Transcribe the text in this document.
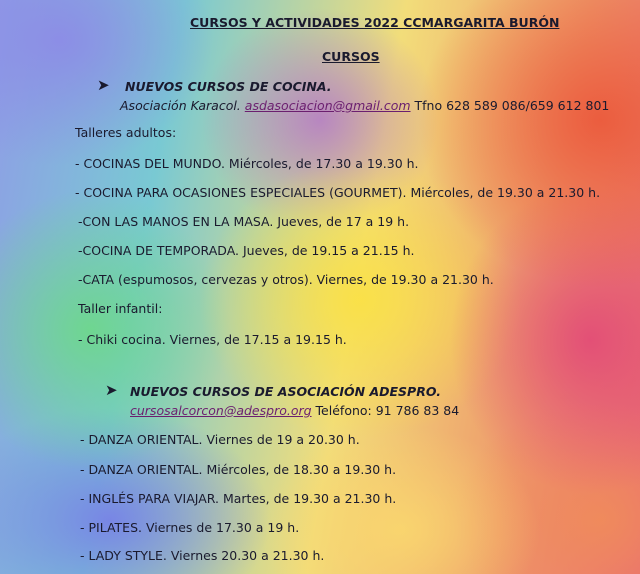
CURSOS Y ACTIVIDADES 2022 CCMARGARITA BURÓN
CURSOS
➤ NUEVOS CURSOS DE COCINA.
Asociación Karacol. asdasociacion@gmail.com Tfno 628 589 086/659 612 801
Talleres adultos:
- COCINAS DEL MUNDO. Miércoles, de 17.30 a 19.30 h.
- COCINA PARA OCASIONES ESPECIALES (GOURMET). Miércoles, de 19.30 a 21.30 h.
-CON LAS MANOS EN LA MASA. Jueves, de 17 a 19 h.
-COCINA DE TEMPORADA. Jueves, de 19.15 a 21.15 h.
-CATA (espumosos, cervezas y otros). Viernes, de 19.30 a 21.30 h.
Taller infantil:
- Chiki cocina. Viernes, de 17.15 a 19.15 h.
➤ NUEVOS CURSOS DE ASOCIACIÓN ADESPRO.
cursosalcorcon@adespro.org Teléfono: 91 786 83 84
- DANZA ORIENTAL. Viernes de 19 a 20.30 h.
- DANZA ORIENTAL. Miércoles, de 18.30 a 19.30 h.
- INGLÉS PARA VIAJAR. Martes, de 19.30 a 21.30 h.
- PILATES. Viernes de 17.30 a 19 h.
- LADY STYLE. Viernes 20.30 a 21.30 h.
